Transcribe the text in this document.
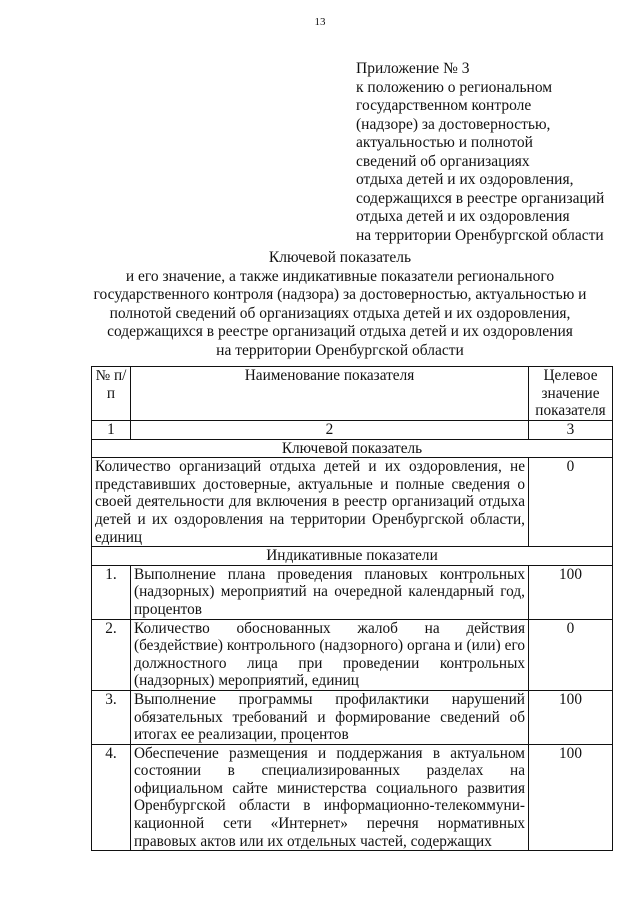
13
Приложение № 3
к положению о региональном
государственном контроле
(надзоре) за достоверностью,
актуальностью и полнотой
сведений об организациях
отдыха детей и их оздоровления,
содержащихся в реестре организаций
отдыха детей и их оздоровления
на территории Оренбургской области
Ключевой показатель
и его значение, а также индикативные показатели регионального
государственного контроля (надзора) за достоверностью, актуальностью и
полнотой сведений об организациях отдыха детей и их оздоровления,
содержащихся в реестре организаций отдыха детей и их оздоровления
на территории Оренбургской области
№ п/п	Наименование показателя	Целевое значение показателя
1	2	3
Ключевой показатель		
Количество организаций отдыха детей и их оздоровления, не представивших достоверные, актуальные и полные сведения о своей деятельности для включения в реестр организаций отдыха детей и их оздоровления на территории Оренбургской области, единиц		0
Индикативные показатели		
1.	Выполнение плана проведения плановых контрольных (надзорных) мероприятий на очередной календарный год, процентов	100
2.	Количество обоснованных жалоб на действия (бездействие) контрольного (надзорного) органа и (или) его должностного лица при проведении контрольных (надзорных) мероприятий, единиц	0
3.	Выполнение программы профилактики нарушений обязательных требований и формирование сведений об итогах ее реализации, процентов	100
4.	Обеспечение размещения и поддержания в актуальном состоянии в специализированных разделах на официальном сайте министерства социального развития Оренбургской области в информационно-телекоммуни-кационной сети «Интернет» перечня нормативных правовых актов или их отдельных частей, содержащих	100
